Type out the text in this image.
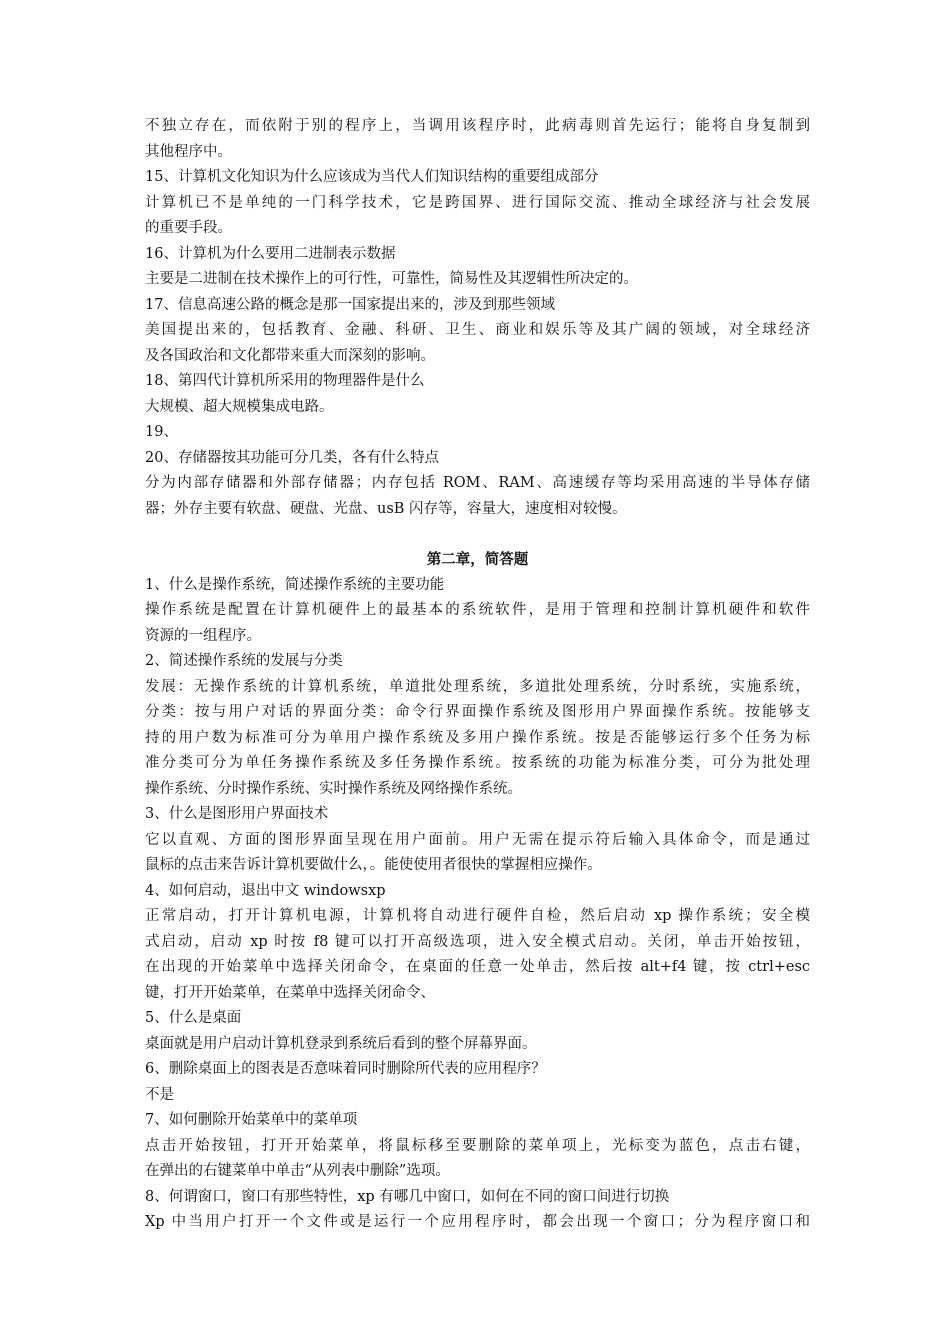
不独立存在，而依附于别的程序上，当调用该程序时，此病毒则首先运行；能将自身复制到
其他程序中。
15、计算机文化知识为什么应该成为当代人们知识结构的重要组成部分
计算机已不是单纯的一门科学技术，它是跨国界、进行国际交流、推动全球经济与社会发展
的重要手段。
16、计算机为什么要用二进制表示数据
主要是二进制在技术操作上的可行性，可靠性，简易性及其逻辑性所决定的。
17、信息高速公路的概念是那一国家提出来的，涉及到那些领域
美国提出来的，包括教育、金融、科研、卫生、商业和娱乐等及其广阔的领域，对全球经济
及各国政治和文化都带来重大而深刻的影响。
18、第四代计算机所采用的物理器件是什么
大规模、超大规模集成电路。
19、
20、存储器按其功能可分几类，各有什么特点
分为内部存储器和外部存储器；内存包括 ROM、RAM、高速缓存等均采用高速的半导体存储
器；外存主要有软盘、硬盘、光盘、usB 闪存等，容量大，速度相对较慢。
第二章，简答题
1、什么是操作系统，简述操作系统的主要功能
操作系统是配置在计算机硬件上的最基本的系统软件，是用于管理和控制计算机硬件和软件
资源的一组程序。
2、简述操作系统的发展与分类
发展：无操作系统的计算机系统，单道批处理系统，多道批处理系统，分时系统，实施系统，
分类：按与用户对话的界面分类：命令行界面操作系统及图形用户界面操作系统。按能够支
持的用户数为标准可分为单用户操作系统及多用户操作系统。按是否能够运行多个任务为标
准分类可分为单任务操作系统及多任务操作系统。按系统的功能为标准分类，可分为批处理
操作系统、分时操作系统、实时操作系统及网络操作系统。
3、什么是图形用户界面技术
它以直观、方面的图形界面呈现在用户面前。用户无需在提示符后输入具体命令，而是通过
鼠标的点击来告诉计算机要做什么，。能使使用者很快的掌握相应操作。
4、如何启动，退出中文 windowsxp
正常启动，打开计算机电源，计算机将自动进行硬件自检，然后启动 xp 操作系统；安全模
式启动，启动 xp 时按 f8 键可以打开高级选项，进入安全模式启动。关闭，单击开始按钮，
在出现的开始菜单中选择关闭命令，在桌面的任意一处单击，然后按 alt+f4 键，按 ctrl+esc
键，打开开始菜单，在菜单中选择关闭命令、
5、什么是桌面
桌面就是用户启动计算机登录到系统后看到的整个屏幕界面。
6、删除桌面上的图表是否意味着同时删除所代表的应用程序？
不是
7、如何删除开始菜单中的菜单项
点击开始按钮，打开开始菜单，将鼠标移至要删除的菜单项上，光标变为蓝色，点击右键，
在弹出的右键菜单中单击“从列表中删除”选项。
8、何谓窗口，窗口有那些特性，xp 有哪几中窗口，如何在不同的窗口间进行切换
Xp 中当用户打开一个文件或是运行一个应用程序时，都会出现一个窗口；分为程序窗口和
